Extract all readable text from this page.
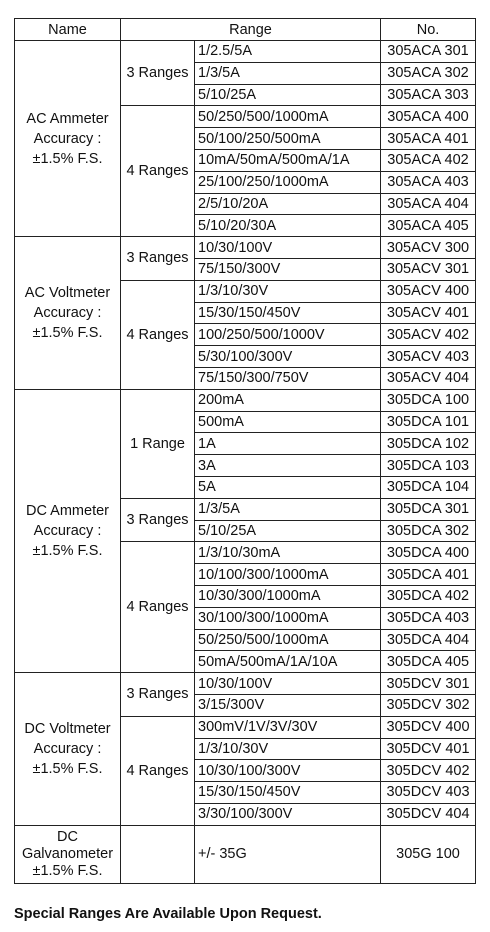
Name	Range		No.

AC Ammeter
Accuracy :
±1.5% F.S.	3 Ranges	1/2.5/5A	305ACA 301
		1/3/5A	305ACA 302
		5/10/25A	305ACA 303
	4 Ranges	50/250/500/1000mA	305ACA 400
		50/100/250/500mA	305ACA 401
		10mA/50mA/500mA/1A	305ACA 402
		25/100/250/1000mA	305ACA 403
		2/5/10/20A	305ACA 404
		5/10/20/30A	305ACA 405

AC Voltmeter
Accuracy :
±1.5% F.S.	3 Ranges	10/30/100V	305ACV 300
		75/150/300V	305ACV 301
	4 Ranges	1/3/10/30V	305ACV 400
		15/30/150/450V	305ACV 401
		100/250/500/1000V	305ACV 402
		5/30/100/300V	305ACV 403
		75/150/300/750V	305ACV 404

DC Ammeter
Accuracy :
±1.5% F.S.	1 Range	200mA	305DCA 100
		500mA	305DCA 101
		1A	305DCA 102
		3A	305DCA 103
		5A	305DCA 104
	3 Ranges	1/3/5A	305DCA 301
		5/10/25A	305DCA 302
	4 Ranges	1/3/10/30mA	305DCA 400
		10/100/300/1000mA	305DCA 401
		10/30/300/1000mA	305DCA 402
		30/100/300/1000mA	305DCA 403
		50/250/500/1000mA	305DCA 404
		50mA/500mA/1A/10A	305DCA 405

DC Voltmeter
Accuracy :
±1.5% F.S.	3 Ranges	10/30/100V	305DCV 301
		3/15/300V	305DCV 302
	4 Ranges	300mV/1V/3V/30V	305DCV 400
		1/3/10/30V	305DCV 401
		10/30/100/300V	305DCV 402
		15/30/150/450V	305DCV 403
		3/30/100/300V	305DCV 404

DC
Galvanometer
±1.5% F.S.		+/- 35G	305G 100
Special Ranges Are Available Upon Request.
